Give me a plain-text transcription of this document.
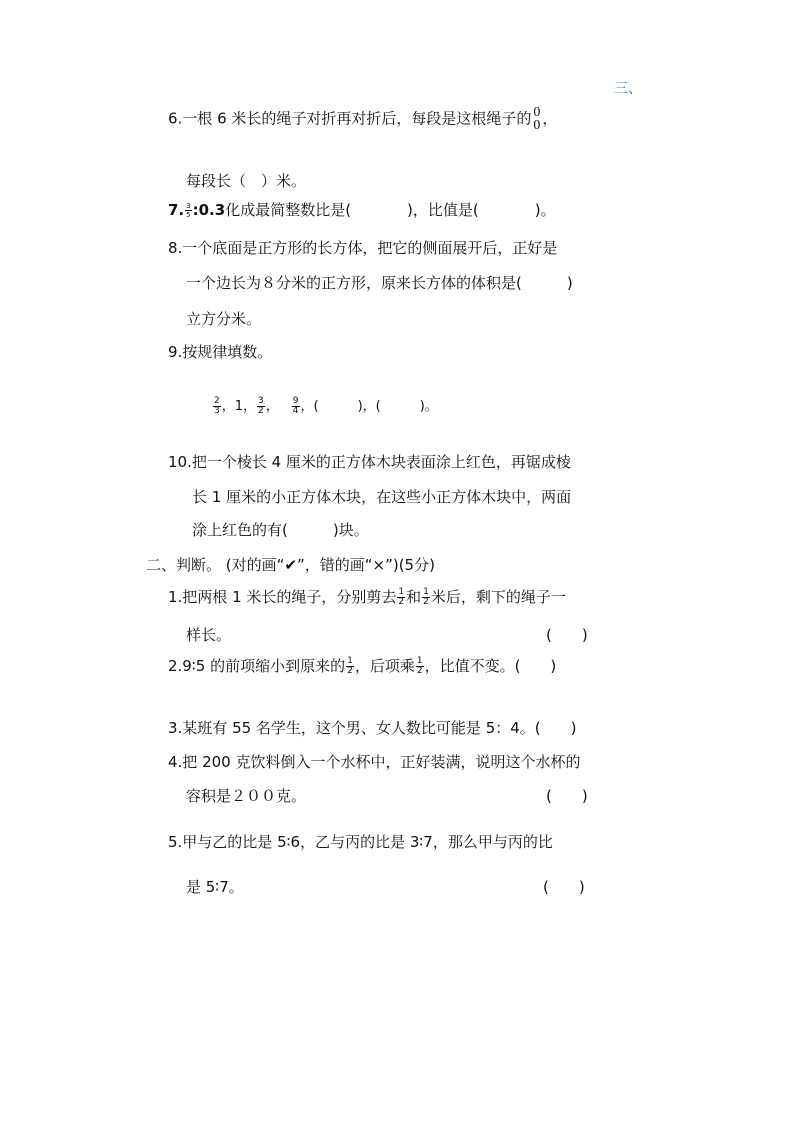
三、
6.一根 6 米长的绳子对折再对折后，每段是这根绳子的 0
0 ，
每段长（　）米。
7. $\frac{3}{5}$ :0.3化成最简整数比是(	)，比值是(	)。
8.一个底面是正方形的长方体，把它的侧面展开后，正好是
一个边长为８分米的正方形，原来长方体的体积是(　　　)
立方分米。
9.按规律填数。
$\frac{2}{3}$ ，1， $\frac{3}{2}$ ， $\frac{9}{4}$ ，(　　　)，(　　　)。
10.把一个棱长 4 厘米的正方体木块表面涂上红色，再锯成棱
长 1 厘米的小正方体木块，在这些小正方体木块中，两面
涂上红色的有(　　　)块。
二、判断。 (对的画“✔”，错的画“×”)(5分)
1.把两根 1 米长的绳子，分别剪去 $\frac{1}{2}$ 和 $\frac{1}{2}$ 米后，剩下的绳子一
样长。	(　　)
2.9∶5 的前项缩小到原来的 $\frac{1}{2}$ ，后项乘 $\frac{1}{2}$ ，比值不变。(　　)
3.某班有 55 名学生，这个男、女人数比可能是 5：4。(　　)
4.把 200 克饮料倒入一个水杯中，正好装满，说明这个水杯的
容积是２００克。	(　　)
5.甲与乙的比是 5∶6，乙与丙的比是 3∶7，那么甲与丙的比
是 5∶7。	(　　)
